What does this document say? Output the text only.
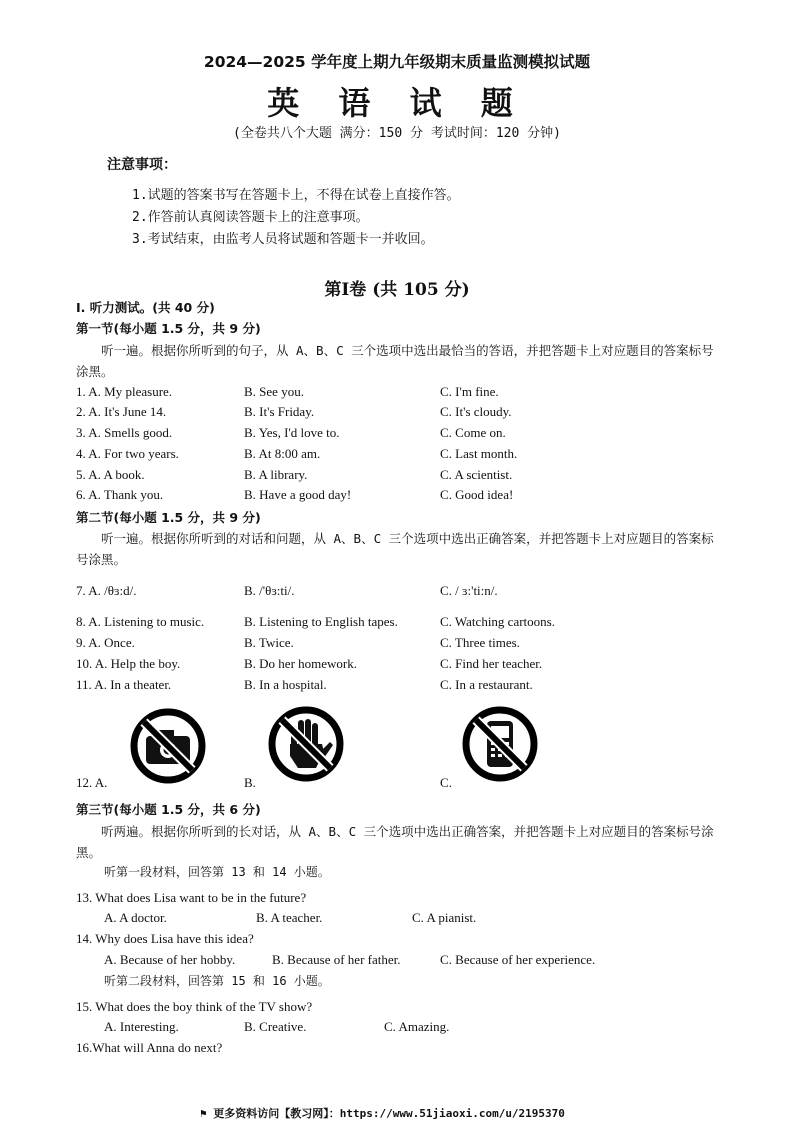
2024—2025 学年度上期九年级期末质量监测模拟试题
英 语 试 题
(全卷共八个大题 满分：150 分 考试时间：120 分钟)
注意事项：
1.试题的答案书写在答题卡上，不得在试卷上直接作答。
2.作答前认真阅读答题卡上的注意事项。
3.考试结束，由监考人员将试题和答题卡一并收回。
第Ⅰ卷 (共 105 分)
I. 听力测试。(共 40 分)
第一节(每小题 1.5 分，共 9 分)
听一遍。根据你所听到的句子，从 A、B、C 三个选项中选出最恰当的答语，并把答题卡上对应题目的答案标号涂黑。
1. A. My pleasure.	B. See you.	C. I'm fine.
2. A. It's June 14.	B. It's Friday.	C. It's cloudy.
3. A. Smells good.	B. Yes, I'd love to.	C. Come on.
4. A. For two years.	B. At 8:00 am.	C. Last month.
5. A. A book.	B. A library.	C. A scientist.
6. A. Thank you.	B. Have a good day!	C. Good idea!
第二节(每小题 1.5 分，共 9 分)
听一遍。根据你所听到的对话和问题，从 A、B、C 三个选项中选出正确答案，并把答题卡上对应题目的答案标号涂黑。
7. A. /θɜ:d/.	B. /'θɜ:ti/.	C. / ɜ:'ti:n/.
8. A. Listening to music.	B. Listening to English tapes.	C. Watching cartoons.
9. A. Once.	B. Twice.	C. Three times.
10. A. Help the boy.	B. Do her homework.	C. Find her teacher.
11. A. In a theater.	B. In a hospital.	C. In a restaurant.
12. A.	B.	C.
第三节(每小题 1.5 分，共 6 分)
听两遍。根据你所听到的长对话，从 A、B、C 三个选项中选出正确答案，并把答题卡上对应题目的答案标号涂黑。
听第一段材料，回答第 13 和 14 小题。
13. What does Lisa want to be in the future?
A. A doctor.	B. A teacher.	C. A pianist.
14. Why does Lisa have this idea?
A. Because of her hobby.	B. Because of her father.	C. Because of her experience.
听第二段材料，回答第 15 和 16 小题。
15. What does the boy think of the TV show?
A. Interesting.	B. Creative.	C. Amazing.
16.What will Anna do next?
⚑ 更多资料访问【教习网】：https://www.51jiaoxi.com/u/2195370
